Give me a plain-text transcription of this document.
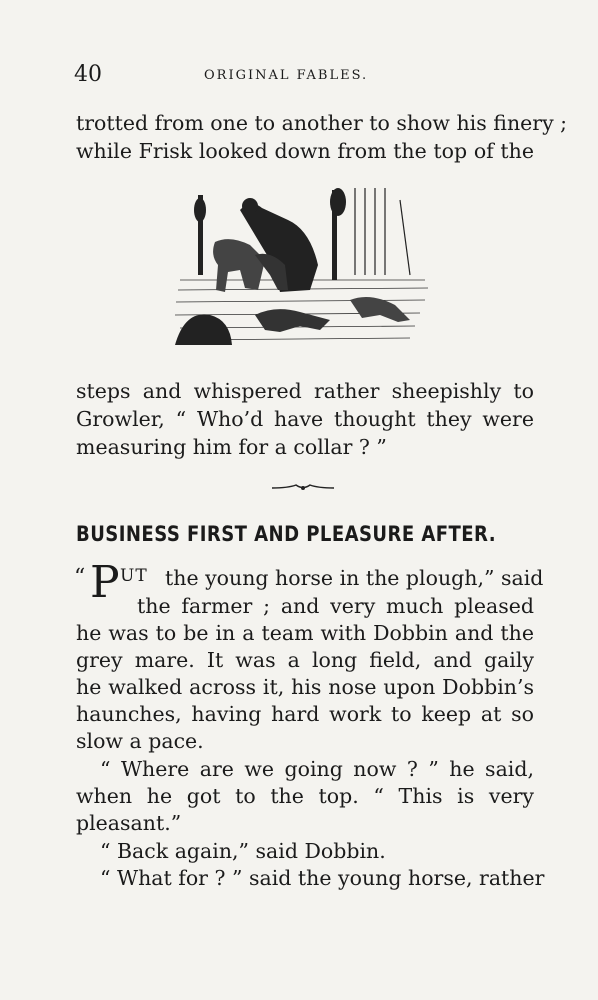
40	ORIGINAL FABLES.
trotted from one to another to show his finery ;
while Frisk looked down from the top of the
steps and whispered rather sheepishly to
Growler, “ Who’d have thought they were
measuring him for a collar ? ”
BUSINESS FIRST AND PLEASURE AFTER.
“ P UT the young horse in the plough,” said
the farmer ; and very much pleased
he was to be in a team with Dobbin and the
grey mare. It was a long field, and gaily
he walked across it, his nose upon Dobbin’s
haunches, having hard work to keep at so
slow a pace.
“ Where are we going now ? ” he said,
when he got to the top. “ This is very
pleasant.”
“ Back again,” said Dobbin.
“ What for ? ” said the young horse, rather
